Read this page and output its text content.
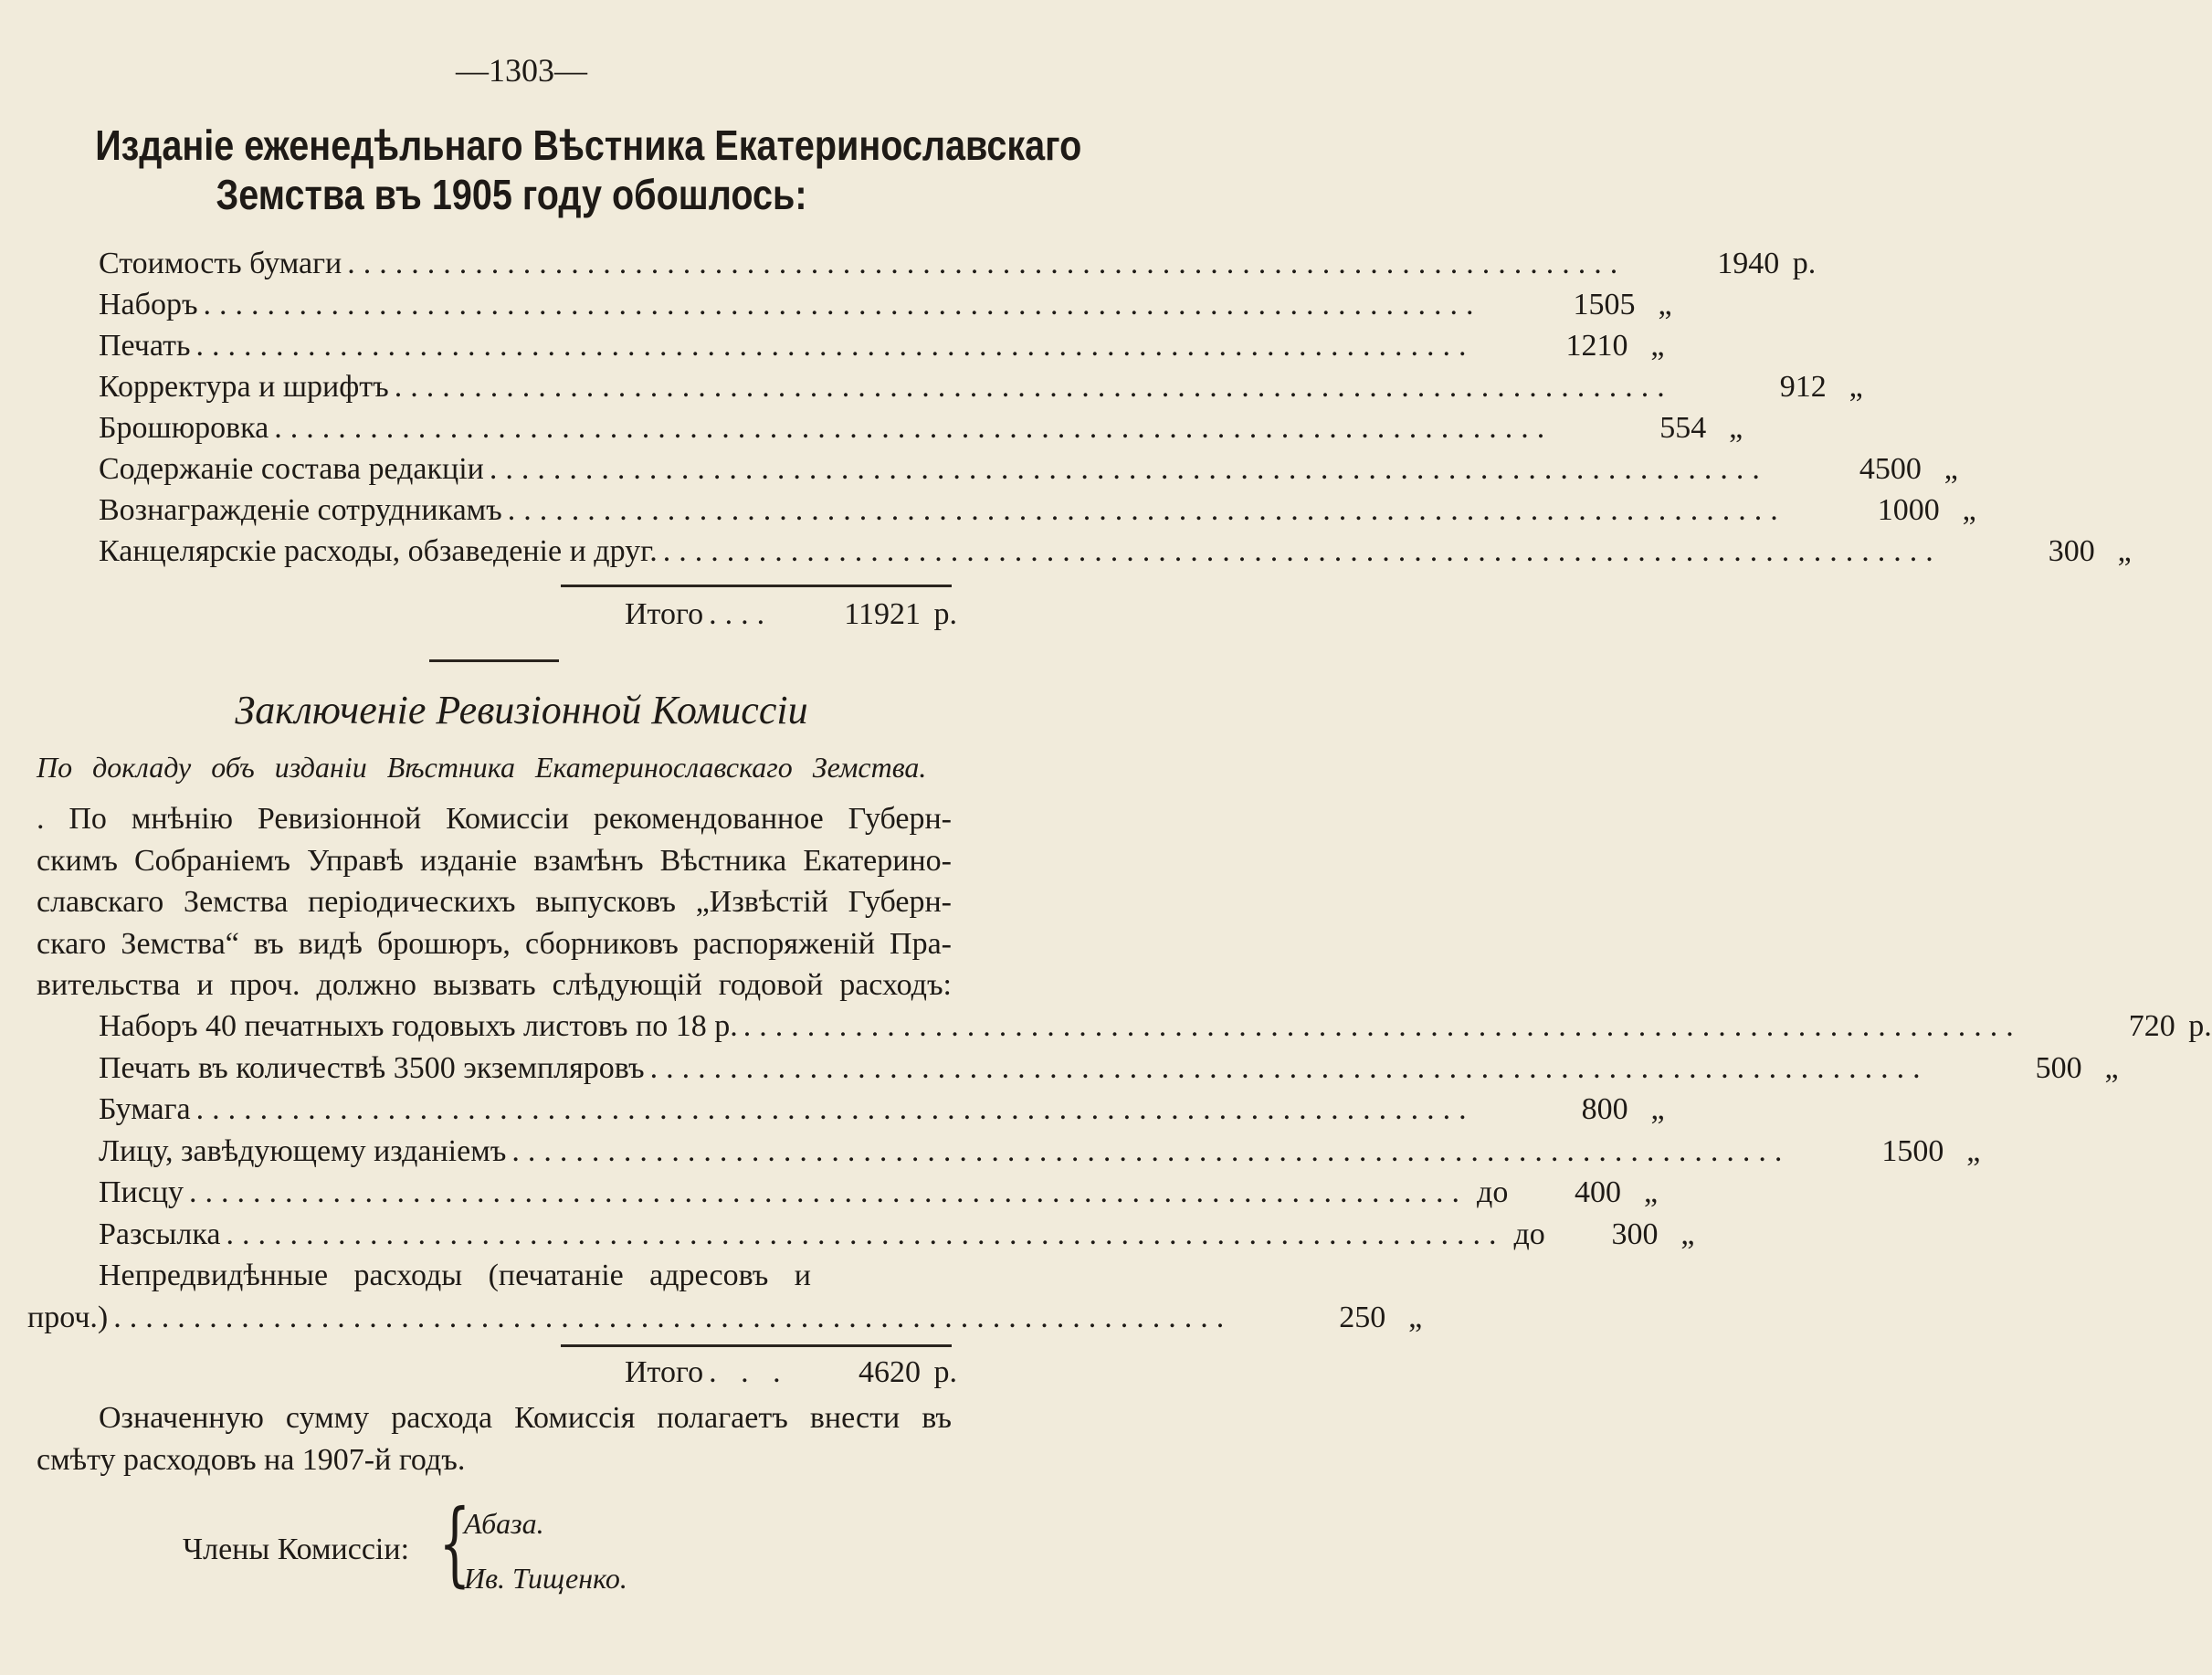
—1303—
Изданіе еженедѣльнаго Вѣстника Екатеринославскаго
Земства въ 1905 году обошлось:
Стоимость бумаги ................................................................................	1940 р.
Наборъ ................................................................................	1505 „
Печать ................................................................................	1210 „
Корректура и шрифтъ ................................................................................	912 „
Брошюровка ................................................................................	554 „
Содержаніе состава редакціи ................................................................................	4500 „
Вознагражденіе сотрудникамъ ................................................................................	1000 „
Канцелярскіе расходы, обзаведеніе и друг. ................................................................................	300 „
Итого ....	11921 р.
Заключеніе Ревизіонной Комиссіи
По докладу объ изданіи Вѣстника Екатеринославскаго Земства.
. По мнѣнію Ревизіонной Комиссіи рекомендованное Губерн-
скимъ Собраніемъ Управѣ изданіе взамѣнъ Вѣстника Екатерино-
славскаго Земства періодическихъ выпусковъ „Извѣстій Губерн-
скаго Земства“ въ видѣ брошюръ, сборниковъ распоряженій Пра-
вительства и проч. должно вызвать слѣдующій годовой расходъ:
Наборъ 40 печатныхъ годовыхъ листовъ по 18 р. ................................................................................	720 р.
Печать въ количествѣ 3500 экземпляровъ ................................................................................	500 „
Бумага ................................................................................	800 „
Лицу, завѣдующему изданіемъ ................................................................................	1500 „
Писцу ................................................................................ до	400 „
Разсылка ................................................................................ до	300 „
Непредвидѣнные расходы (печатаніе адресовъ и
проч.) ......................................................................	250 „
Итого . . .	4620 р.
Означенную сумму расхода Комиссія полагаетъ внести въ
смѣту расходовъ на 1907-й годъ.
Члены Комиссіи: {
Абаза.
Ив. Тищенко.
